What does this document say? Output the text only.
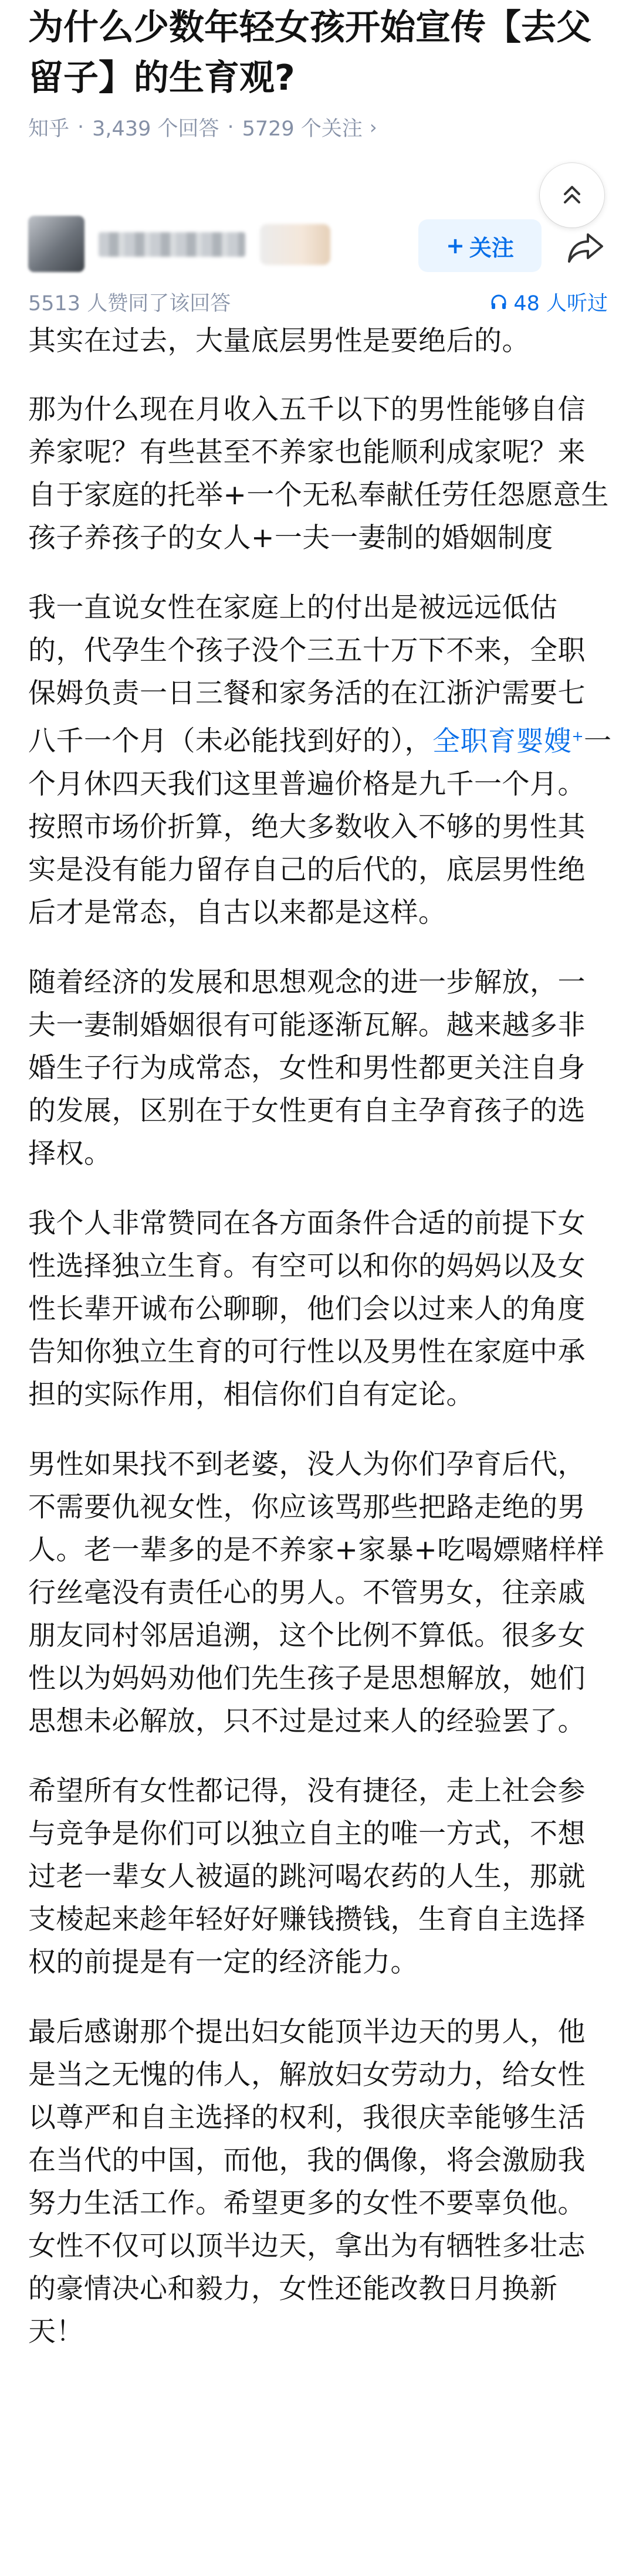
为什么少数年轻女孩开始宣传【去父留子】的生育观?
知乎 · 3,439 个回答 · 5729 个关注 ›
+ 关注
5513 人赞同了该回答	48 人听过

其实在过去，大量底层男性是要绝后的。

那为什么现在月收入五千以下的男性能够自信养家呢？有些甚至不养家也能顺利成家呢？来自于家庭的托举+一个无私奉献任劳任怨愿意生孩子养孩子的女人+一夫一妻制的婚姻制度

我一直说女性在家庭上的付出是被远远低估的，代孕生个孩子没个三五十万下不来，全职保姆负责一日三餐和家务活的在江浙沪需要七八千一个月（未必能找到好的），全职育婴嫂+一个月休四天我们这里普遍价格是九千一个月。按照市场价折算，绝大多数收入不够的男性其实是没有能力留存自己的后代的，底层男性绝后才是常态，自古以来都是这样。

随着经济的发展和思想观念的进一步解放，一夫一妻制婚姻很有可能逐渐瓦解。越来越多非婚生子行为成常态，女性和男性都更关注自身的发展，区别在于女性更有自主孕育孩子的选择权。

我个人非常赞同在各方面条件合适的前提下女性选择独立生育。有空可以和你的妈妈以及女性长辈开诚布公聊聊，他们会以过来人的角度告知你独立生育的可行性以及男性在家庭中承担的实际作用，相信你们自有定论。

男性如果找不到老婆，没人为你们孕育后代，不需要仇视女性，你应该骂那些把路走绝的男人。老一辈多的是不养家+家暴+吃喝嫖赌样样行丝毫没有责任心的男人。不管男女，往亲戚朋友同村邻居追溯，这个比例不算低。很多女性以为妈妈劝他们先生孩子是思想解放，她们思想未必解放，只不过是过来人的经验罢了。

希望所有女性都记得，没有捷径，走上社会参与竞争是你们可以独立自主的唯一方式，不想过老一辈女人被逼的跳河喝农药的人生，那就支棱起来趁年轻好好赚钱攒钱，生育自主选择权的前提是有一定的经济能力。

最后感谢那个提出妇女能顶半边天的男人，他是当之无愧的伟人，解放妇女劳动力，给女性以尊严和自主选择的权利，我很庆幸能够生活在当代的中国，而他，我的偶像，将会激励我努力生活工作。希望更多的女性不要辜负他。女性不仅可以顶半边天，拿出为有牺牲多壮志的豪情决心和毅力，女性还能改教日月换新天！
